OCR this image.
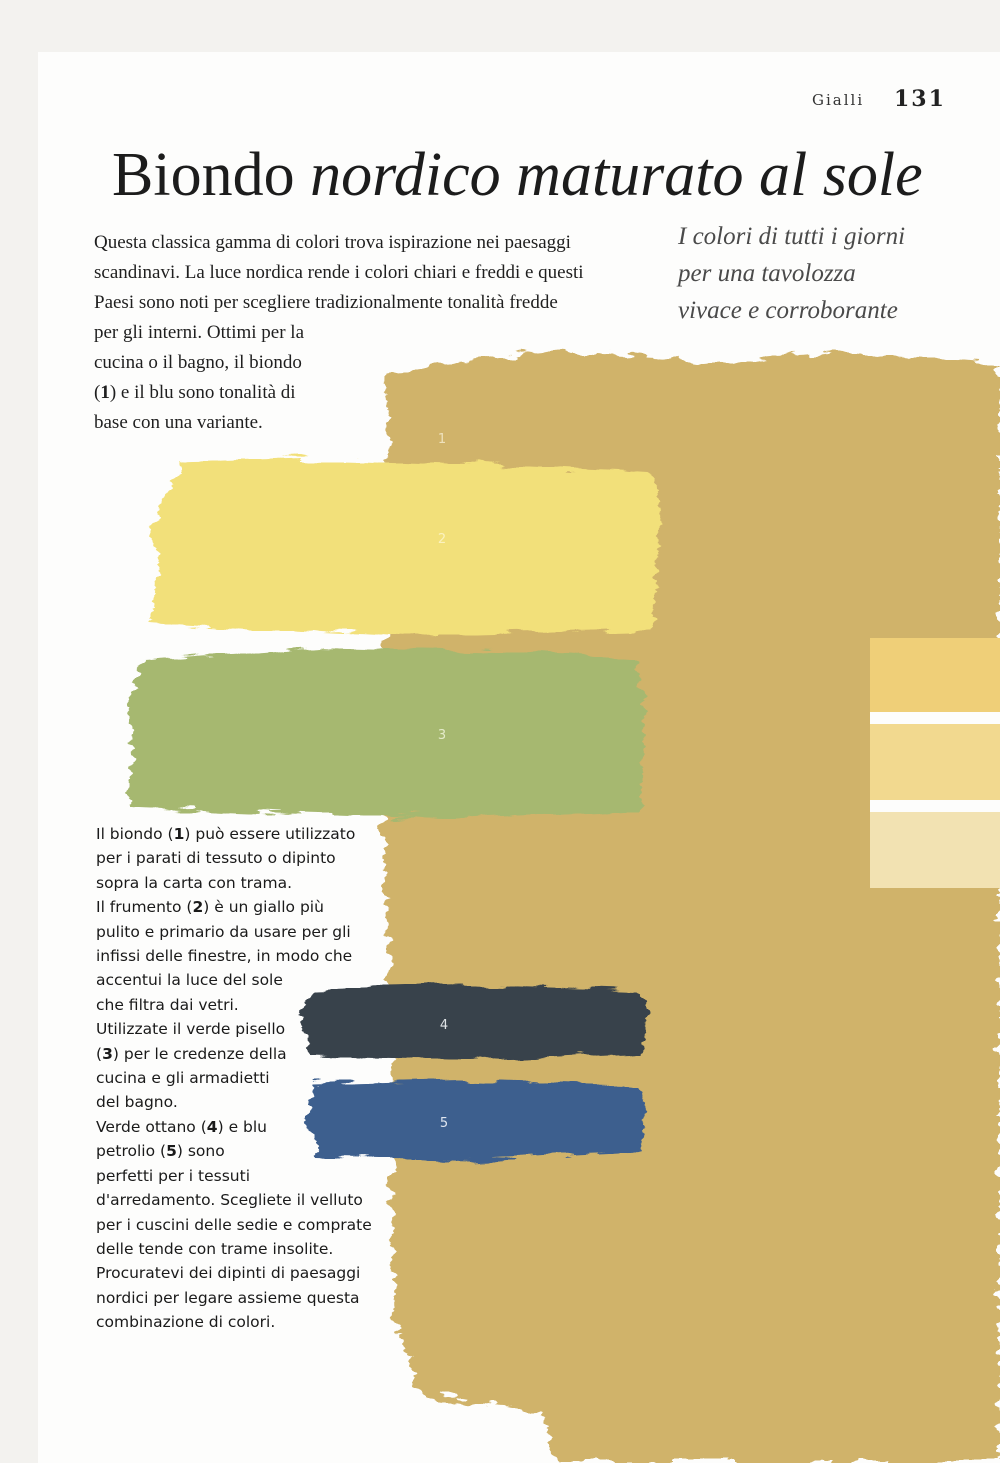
1
2
3
4
5
Gialli 131
Biondo nordico maturato al sole
Questa classica gamma di colori trova ispirazione nei paesaggi
scandinavi. La luce nordica rende i colori chiari e freddi e questi
Paesi sono noti per scegliere tradizionalmente tonalità fredde
per gli interni. Ottimi per la
cucina o il bagno, il biondo
(1) e il blu sono tonalità di
base con una variante.
I colori di tutti i giorni
per una tavolozza
vivace e corroborante
Il biondo (1) può essere utilizzato
per i parati di tessuto o dipinto
sopra la carta con trama.
Il frumento (2) è un giallo più
pulito e primario da usare per gli
infissi delle finestre, in modo che
accentui la luce del sole
che filtra dai vetri.
Utilizzate il verde pisello
(3) per le credenze della
cucina e gli armadietti
del bagno.
Verde ottano (4) e blu
petrolio (5) sono
perfetti per i tessuti
d'arredamento. Scegliete il velluto
per i cuscini delle sedie e comprate
delle tende con trame insolite.
Procuratevi dei dipinti di paesaggi
nordici per legare assieme questa
combinazione di colori.
